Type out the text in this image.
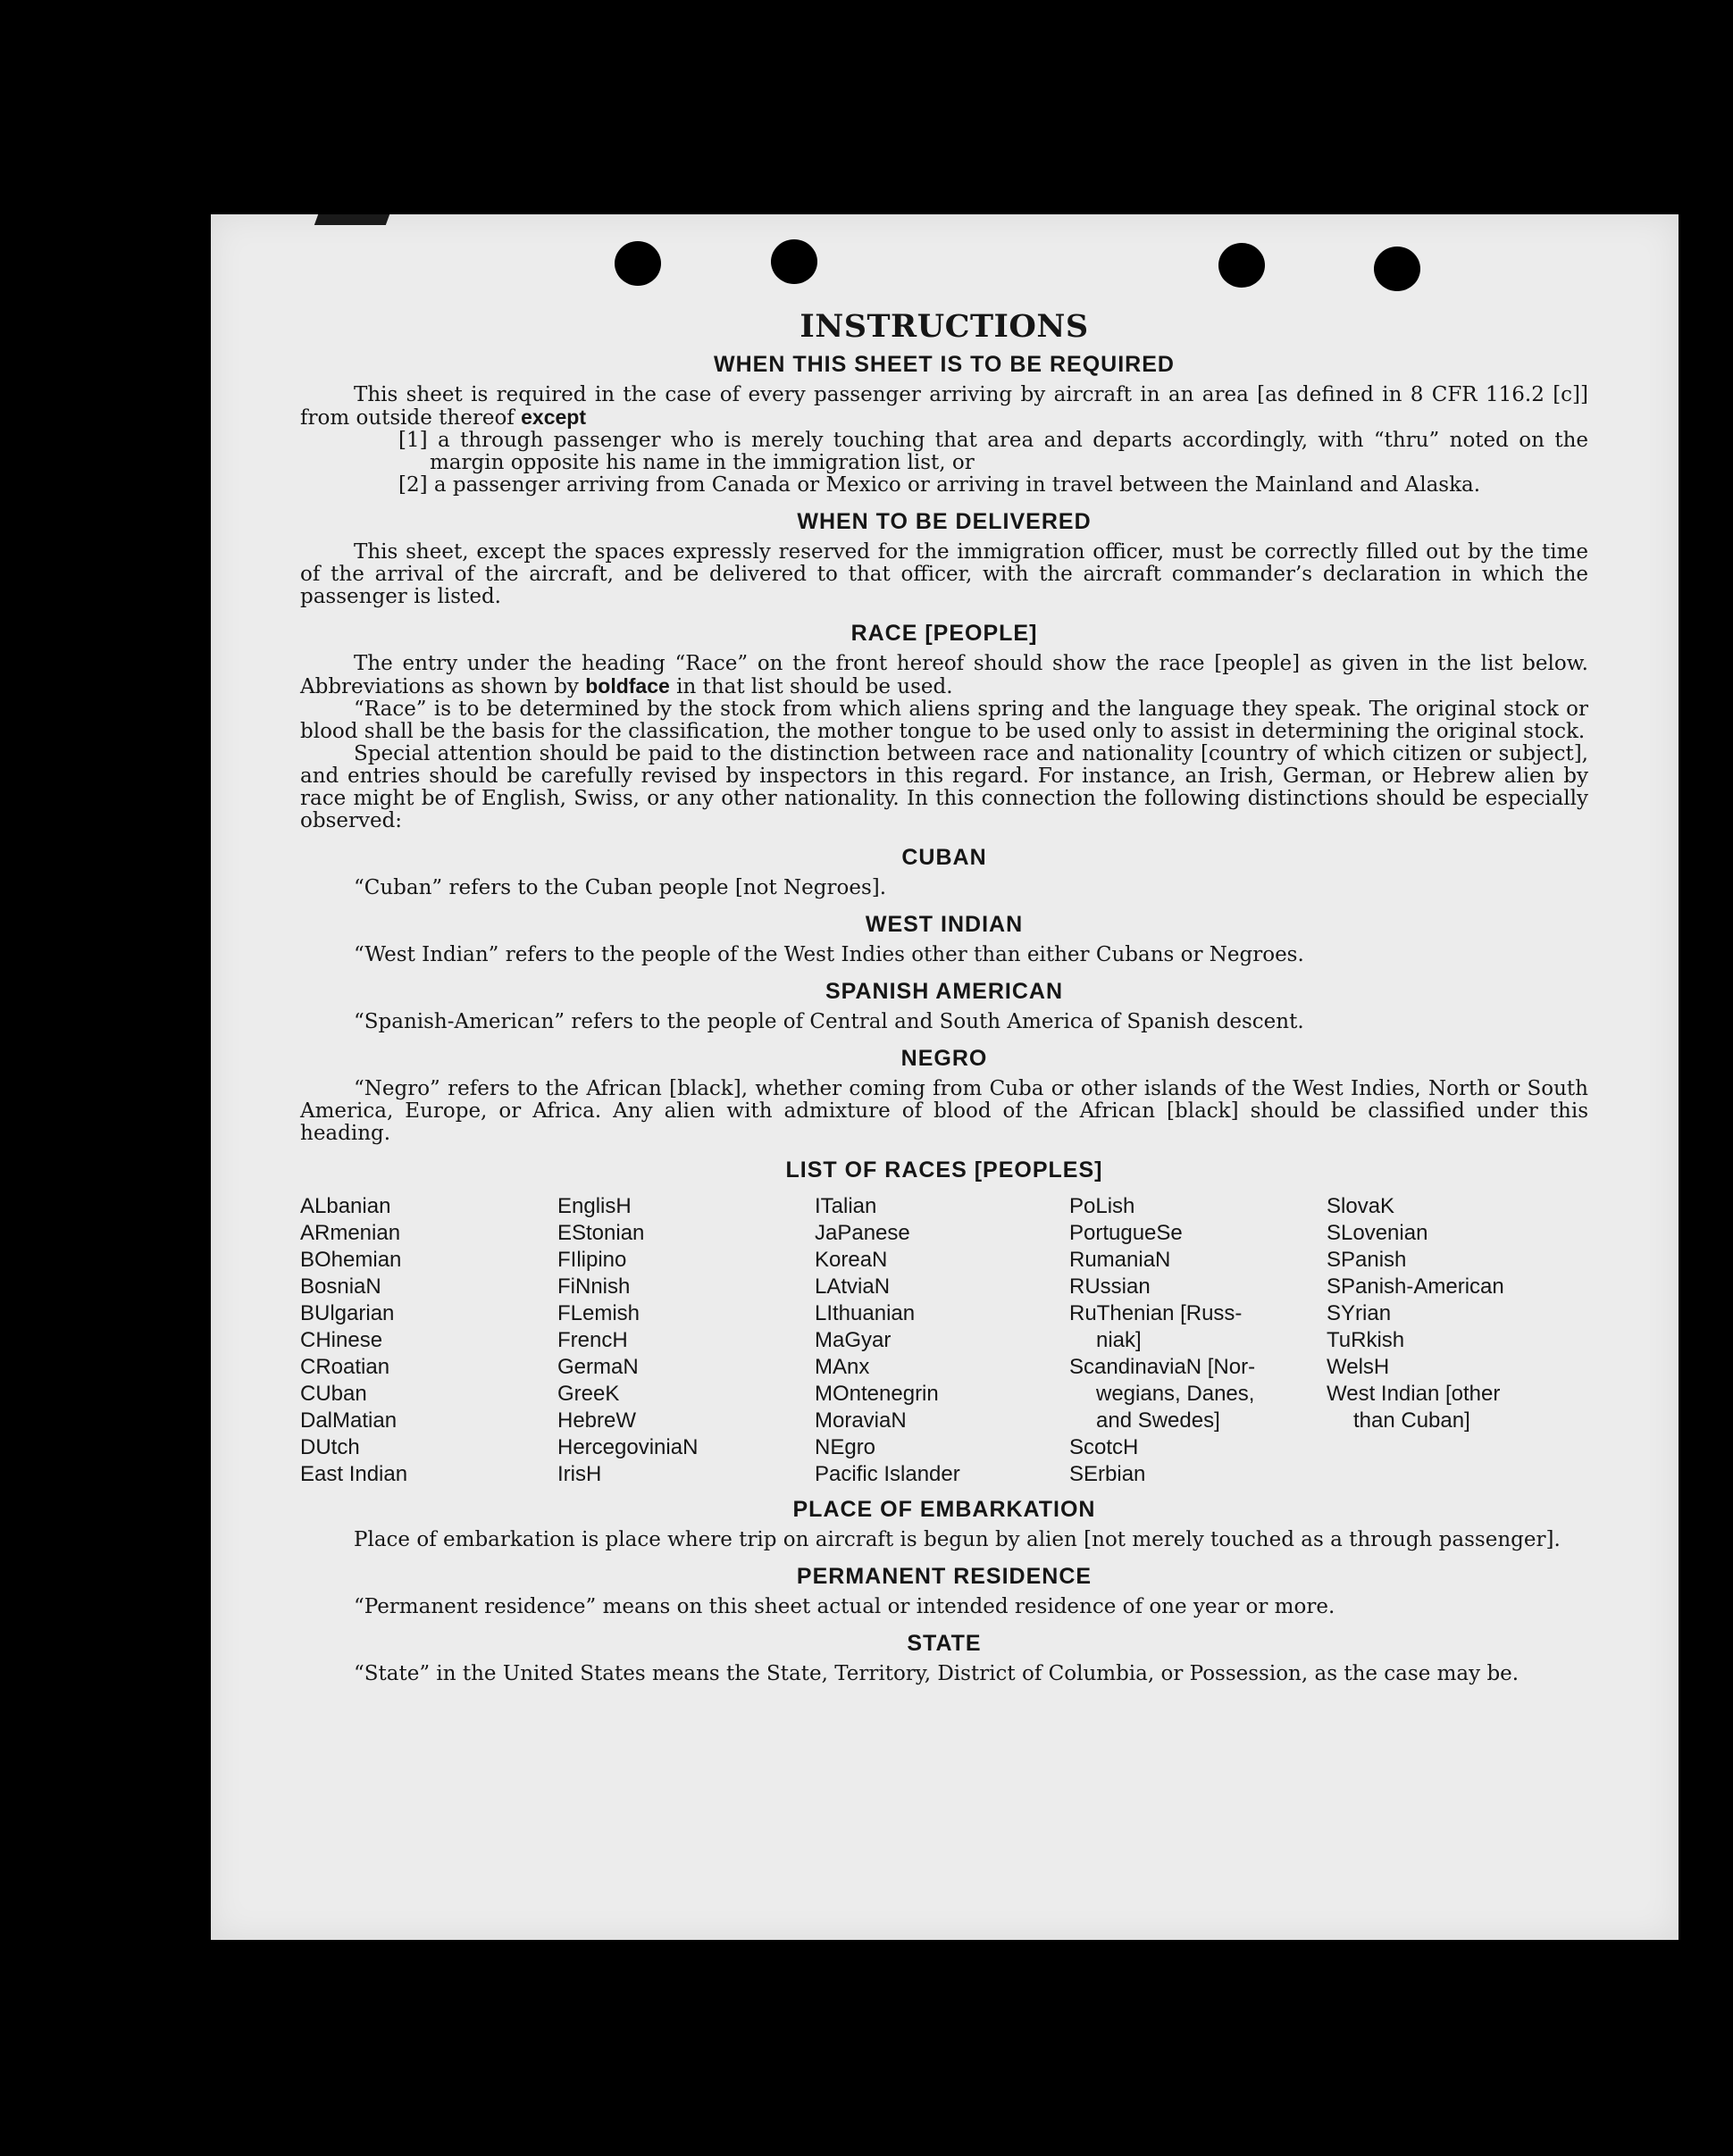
INSTRUCTIONS
WHEN THIS SHEET IS TO BE REQUIRED

This sheet is required in the case of every passenger arriving by aircraft in an area [as defined in 8 CFR 116.2 [c]] from outside thereof except

[1] a through passenger who is merely touching that area and departs accordingly, with “thru” noted on the margin opposite his name in the immigration list, or

[2] a passenger arriving from Canada or Mexico or arriving in travel between the Mainland and Alaska.

WHEN TO BE DELIVERED

This sheet, except the spaces expressly reserved for the immigration officer, must be correctly filled out by the time of the arrival of the aircraft, and be delivered to that officer, with the aircraft commander’s declaration in which the passenger is listed.

RACE [PEOPLE]

The entry under the heading “Race” on the front hereof should show the race [people] as given in the list below. Abbreviations as shown by boldface in that list should be used.

“Race” is to be determined by the stock from which aliens spring and the language they speak. The original stock or blood shall be the basis for the classification, the mother tongue to be used only to assist in determining the original stock.

Special attention should be paid to the distinction between race and nationality [country of which citizen or subject], and entries should be carefully revised by inspectors in this regard. For instance, an Irish, German, or Hebrew alien by race might be of English, Swiss, or any other nationality. In this connection the following distinctions should be especially observed:

CUBAN

“Cuban” refers to the Cuban people [not Negroes].

WEST INDIAN

“West Indian” refers to the people of the West Indies other than either Cubans or Negroes.

SPANISH AMERICAN

“Spanish-American” refers to the people of Central and South America of Spanish descent.

NEGRO

“Negro” refers to the African [black], whether coming from Cuba or other islands of the West Indies, North or South America, Europe, or Africa. Any alien with admixture of blood of the African [black] should be classified under this heading.

LIST OF RACES [PEOPLES]
ALbanian
ARmenian
BOhemian
BosniaN
BUlgarian
CHinese
CRoatian
CUban
DalMatian
DUtch
East Indian
EnglisH
EStonian
FIlipino
FiNnish
FLemish
FrencH
GermaN
GreeK
HebreW
HercegoviniaN
IrisH
ITalian
JaPanese
KoreaN
LAtviaN
LIthuanian
MaGyar
MAnx
MOntenegrin
MoraviaN
NEgro
Pacific Islander
PoLish
PortugueSe
RumaniaN
RUssian
RuThenian [Russ-
niak]
ScandinaviaN [Nor-
wegians, Danes,
and Swedes]
ScotcH
SErbian
SlovaK
SLovenian
SPanish
SPanish-American
SYrian
TuRkish
WelsH
West Indian [other
than Cuban]
PLACE OF EMBARKATION

Place of embarkation is place where trip on aircraft is begun by alien [not merely touched as a through passenger].

PERMANENT RESIDENCE

“Permanent residence” means on this sheet actual or intended residence of one year or more.

STATE

“State” in the United States means the State, Territory, District of Columbia, or Possession, as the case may be.
